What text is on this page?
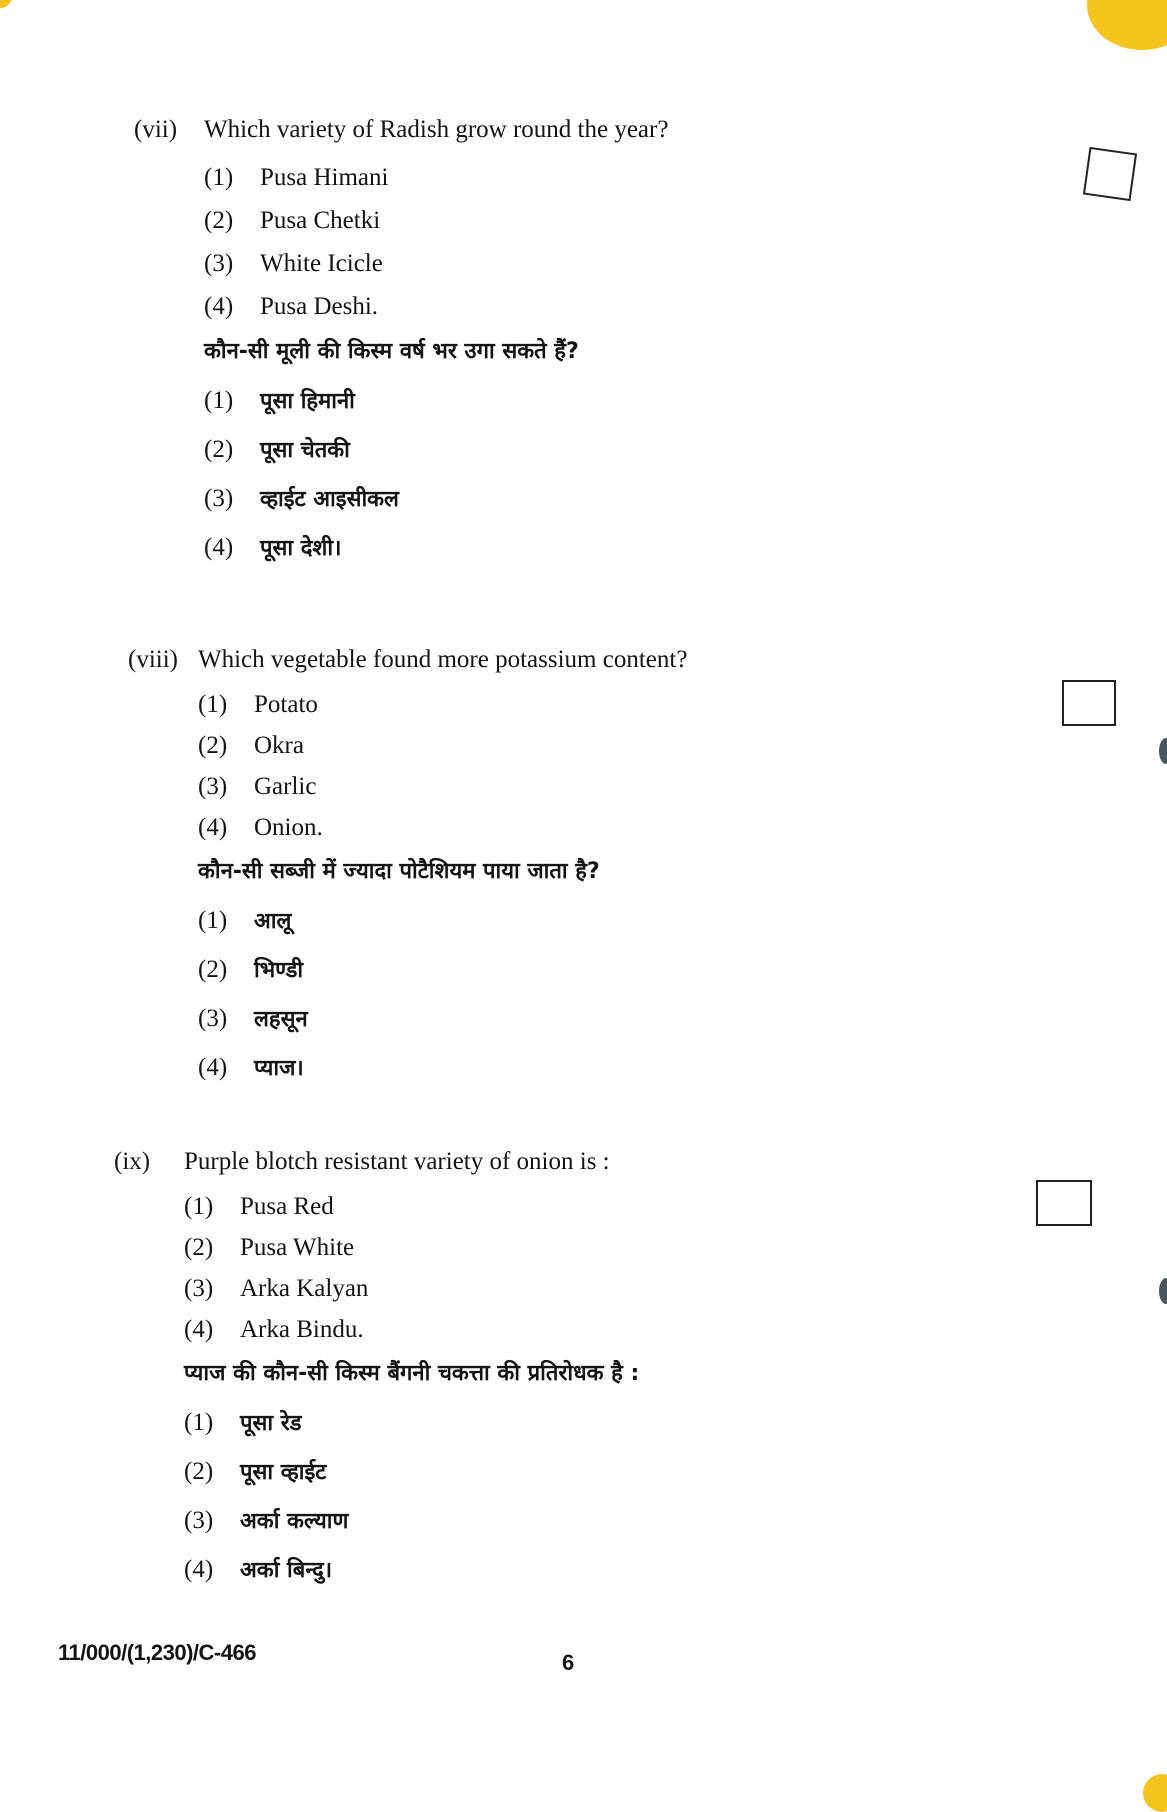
(vii)	Which variety of Radish grow round the year?
(1)	Pusa Himani
(2)	Pusa Chetki
(3)	White Icicle
(4)	Pusa Deshi.
कौन-सी मूली की किस्म वर्ष भर उगा सकते हैं?
(1)	पूसा हिमानी
(2)	पूसा चेतकी
(3)	व्हाईट आइसीकल
(4)	पूसा देशी।
(viii) Which vegetable found more potassium content?
(1)	Potato
(2)	Okra
(3)	Garlic
(4)	Onion.
कौन-सी सब्जी में ज्यादा पोटैशियम पाया जाता है?
(1)	आलू
(2)	भिण्डी
(3)	लहसून
(4)	प्याज।
(ix)	Purple blotch resistant variety of onion is :
(1)	Pusa Red
(2)	Pusa White
(3)	Arka Kalyan
(4)	Arka Bindu.
प्याज की कौन-सी किस्म बैंगनी चकत्ता की प्रतिरोधक है :
(1)	पूसा रेड
(2)	पूसा व्हाईट
(3)	अर्का कल्याण
(4)	अर्का बिन्दु।
11/000/(1,230)/C-466	6
